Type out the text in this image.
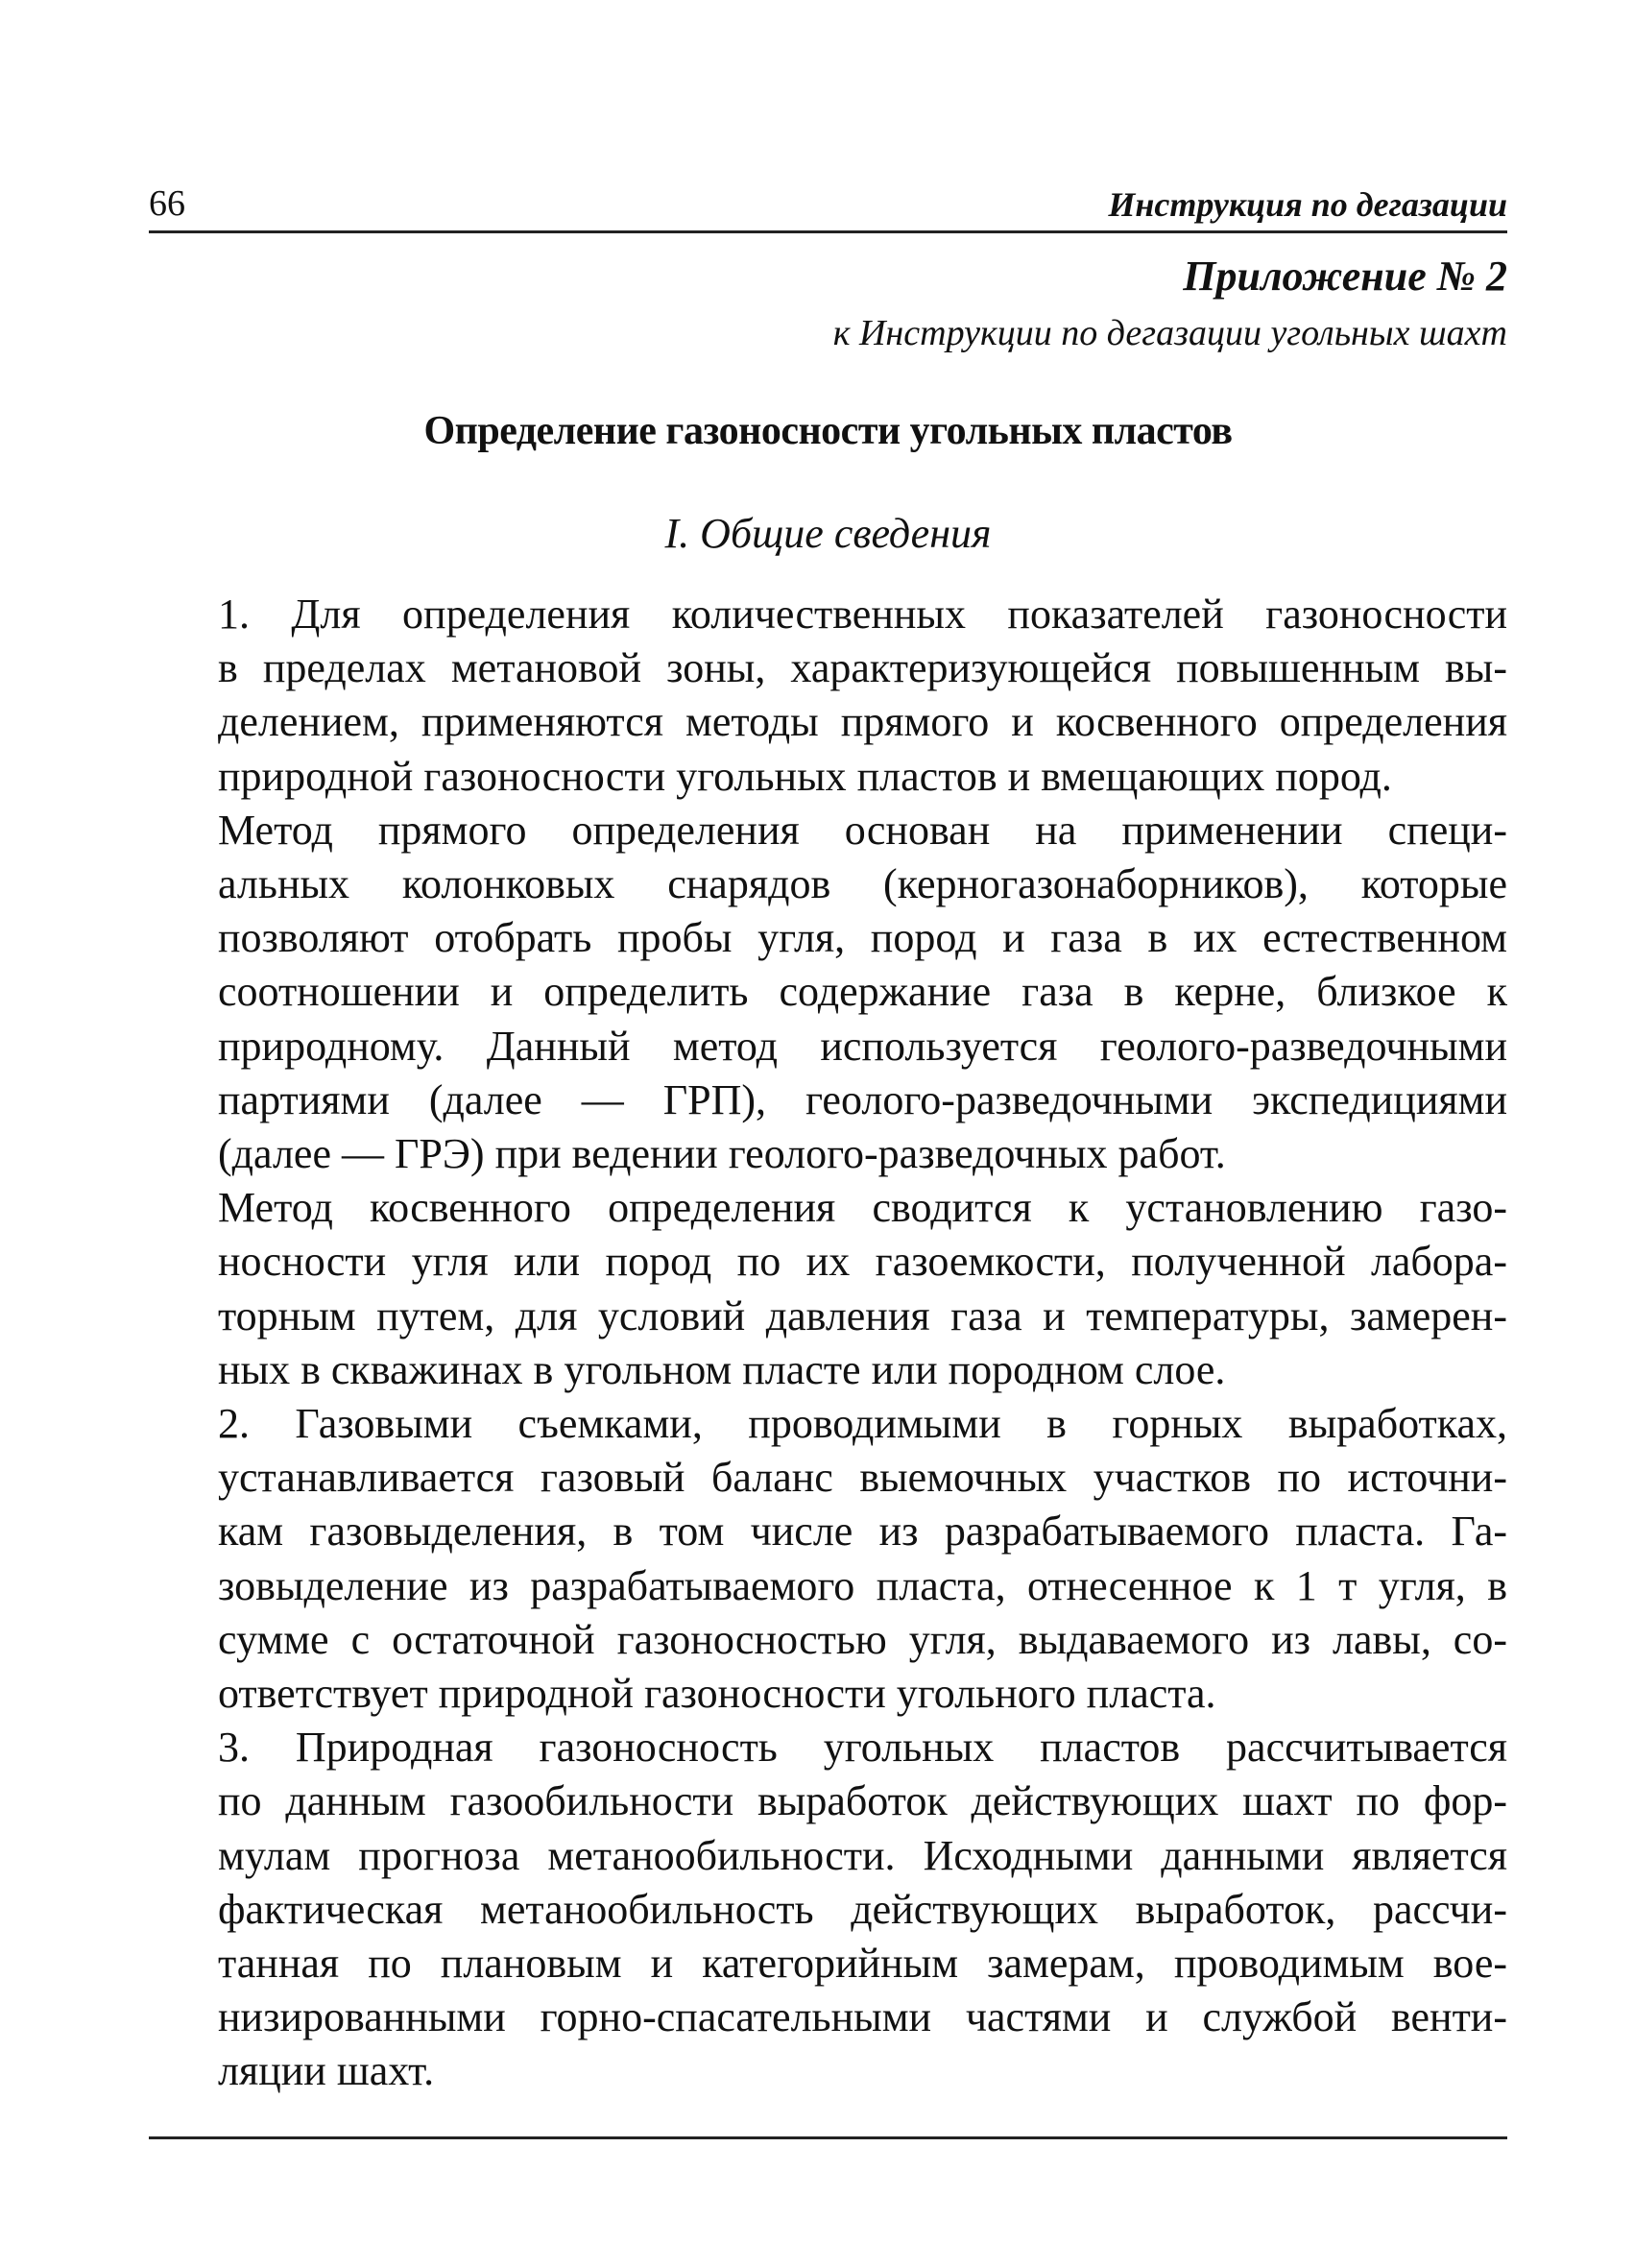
66	Инструкция по дегазации
Приложение № 2
к Инструкции по дегазации угольных шахт
Определение газоносности угольных пластов
I. Общие сведения

1. Для определения количественных показателей газоносности
в пределах метановой зоны, характеризующейся повышенным вы-
делением, применяются методы прямого и косвенного определения
природной газоносности угольных пластов и вмещающих пород.

Метод прямого определения основан на применении специ-
альных колонковых снарядов (керногазонаборников), которые
позволяют отобрать пробы угля, пород и газа в их естественном
соотношении и определить содержание газа в керне, близкое к
природному. Данный метод используется геолого-разведочными
партиями (далее — ГРП), геолого-разведочными экспедициями
(далее — ГРЭ) при ведении геолого-разведочных работ.

Метод косвенного определения сводится к установлению газо-
носности угля или пород по их газоемкости, полученной лабора-
торным путем, для условий давления газа и температуры, замерен-
ных в скважинах в угольном пласте или породном слое.

2. Газовыми съемками, проводимыми в горных выработках,
устанавливается газовый баланс выемочных участков по источни-
кам газовыделения, в том числе из разрабатываемого пласта. Га-
зовыделение из разрабатываемого пласта, отнесенное к 1 т угля, в
сумме с остаточной газоносностью угля, выдаваемого из лавы, со-
ответствует природной газоносности угольного пласта.

3. Природная газоносность угольных пластов рассчитывается
по данным газообильности выработок действующих шахт по фор-
мулам прогноза метанообильности. Исходными данными является
фактическая метанообильность действующих выработок, рассчи-
танная по плановым и категорийным замерам, проводимым вое-
низированными горно-спасательными частями и службой венти-
ляции шахт.
